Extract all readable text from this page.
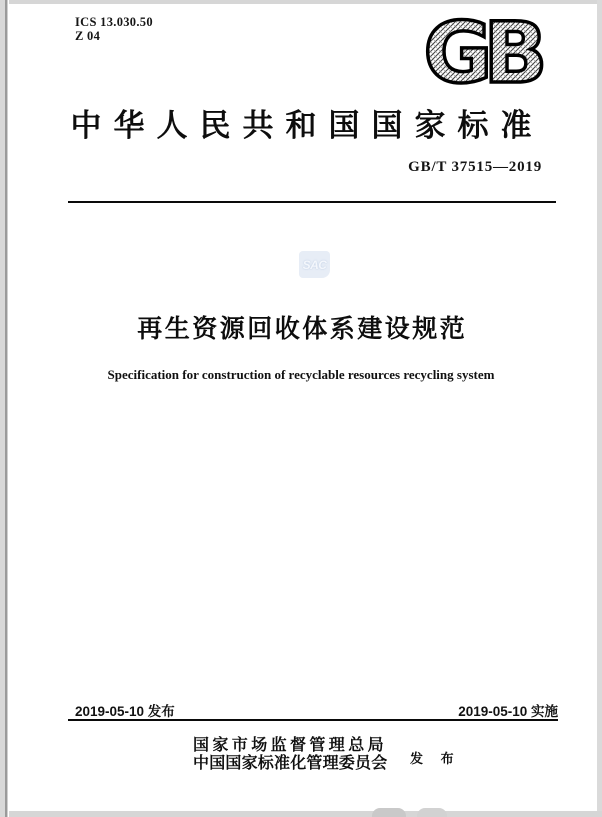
ICS 13.030.50
Z 04	GB
中华人民共和国国家标准
GB/T 37515—2019
SAC
再生资源回收体系建设规范
Specification for construction of recyclable resources recycling system
2019-05-10 发布	2019-05-10 实施
国家市场监督管理总局
中国国家标准化管理委员会 发 布
